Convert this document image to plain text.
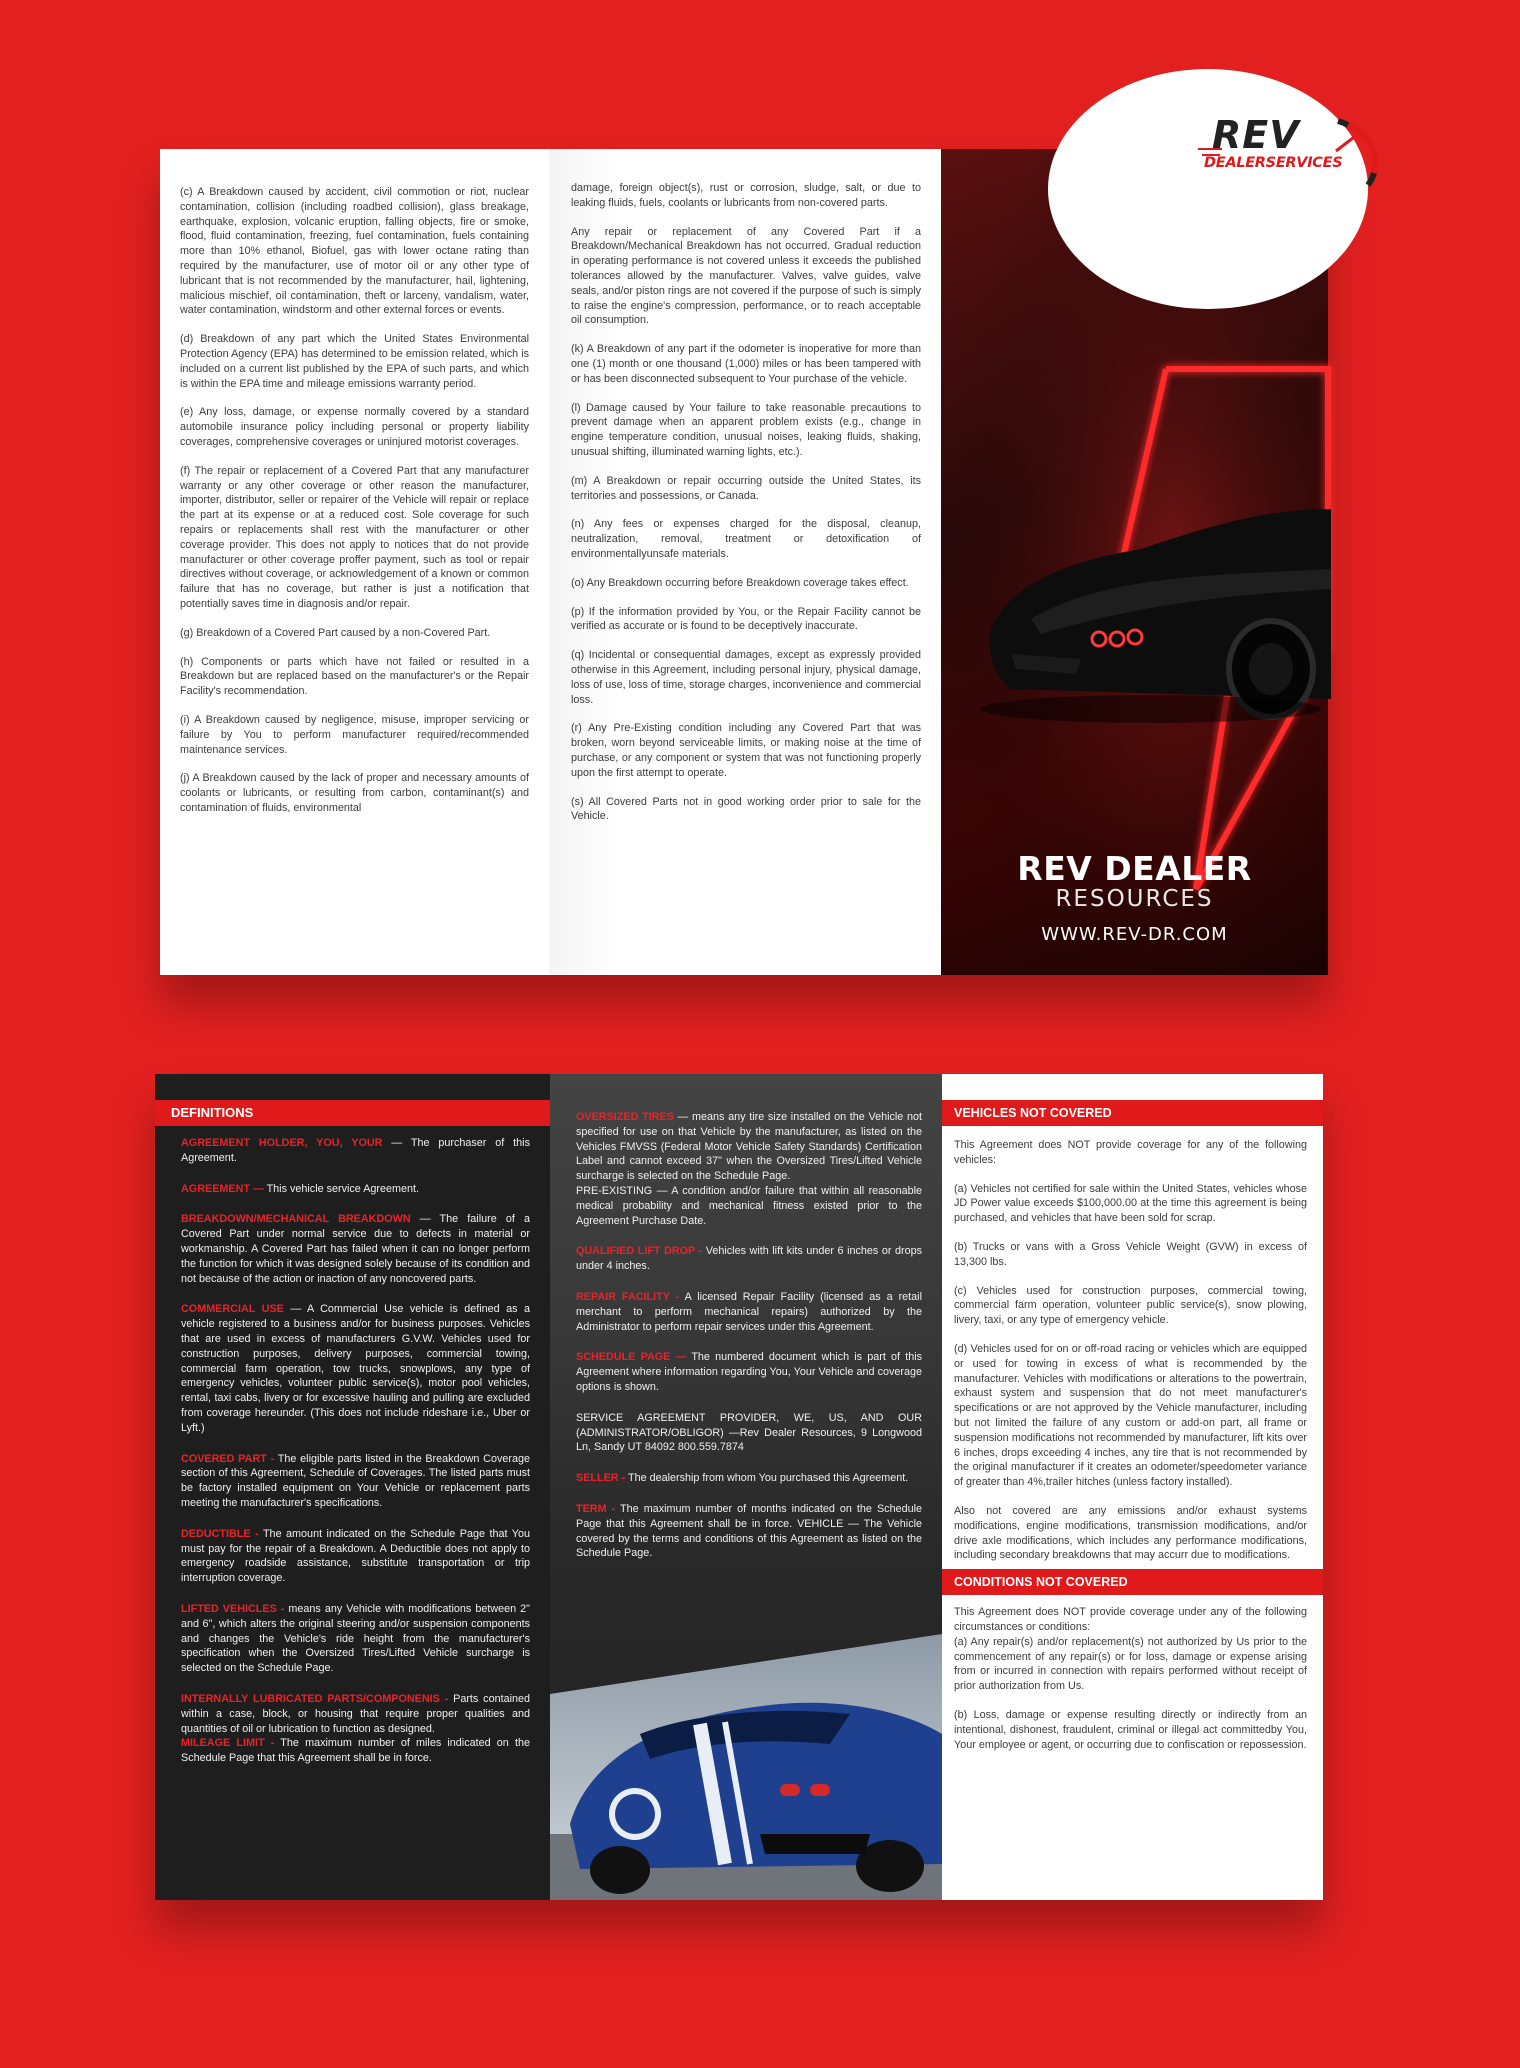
(c) A Breakdown caused by accident, civil commotion or riot, nuclear contamination, collision (including roadbed collision), glass breakage, earthquake, explosion, volcanic eruption, falling objects, fire or smoke, flood, fluid contamination, freezing, fuel contamination, fuels containing more than 10% ethanol, Biofuel, gas with lower octane rating than required by the manufacturer, use of motor oil or any other type of lubricant that is not recommended by the manufacturer, hail, lightening, malicious mischief, oil contamination, theft or larceny, vandalism, water, water contamination, windstorm and other external forces or events.

(d) Breakdown of any part which the United States Environmental Protection Agency (EPA) has determined to be emission related, which is included on a current list published by the EPA of such parts, and which is within the EPA time and mileage emissions warranty period.

(e) Any loss, damage, or expense normally covered by a standard automobile insurance policy including personal or property liability coverages, comprehensive coverages or uninjured motorist coverages.

(f) The repair or replacement of a Covered Part that any manufacturer warranty or any other coverage or other reason the manufacturer, importer, distributor, seller or repairer of the Vehicle will repair or replace the part at its expense or at a reduced cost. Sole coverage for such repairs or replacements shall rest with the manufacturer or other coverage provider. This does not apply to notices that do not provide manufacturer or other coverage proffer payment, such as tool or repair directives without coverage, or acknowledgement of a known or common failure that has no coverage, but rather is just a notification that potentially saves time in diagnosis and/or repair.

(g) Breakdown of a Covered Part caused by a non-Covered Part.

(h) Components or parts which have not failed or resulted in a Breakdown but are replaced based on the manufacturer's or the Repair Facility's recommendation.

(i) A Breakdown caused by negligence, misuse, improper servicing or failure by You to perform manufacturer required/recommended maintenance services.

(j) A Breakdown caused by the lack of proper and necessary amounts of coolants or lubricants, or resulting from carbon, contaminant(s) and contamination of fluids, environmental

damage, foreign object(s), rust or corrosion, sludge, salt, or due to leaking fluids, fuels, coolants or lubricants from non-covered parts.

Any repair or replacement of any Covered Part if a Breakdown/Mechanical Breakdown has not occurred. Gradual reduction in operating performance is not covered unless it exceeds the published tolerances allowed by the manufacturer. Valves, valve guides, valve seals, and/or piston rings are not covered if the purpose of such is simply to raise the engine's compression, performance, or to reach acceptable oil consumption.

(k) A Breakdown of any part if the odometer is inoperative for more than one (1) month or one thousand (1,000) miles or has been tampered with or has been disconnected subsequent to Your purchase of the vehicle.

(l) Damage caused by Your failure to take reasonable precautions to prevent damage when an apparent problem exists (e.g., change in engine temperature condition, unusual noises, leaking fluids, shaking, unusual shifting, illuminated warning lights, etc.).

(m) A Breakdown or repair occurring outside the United States, its territories and possessions, or Canada.

(n) Any fees or expenses charged for the disposal, cleanup, neutralization, removal, treatment or detoxification of environmentallyunsafe materials.

(o) Any Breakdown occurring before Breakdown coverage takes effect.

(p) If the information provided by You, or the Repair Facility cannot be verified as accurate or is found to be deceptively inaccurate.

(q) Incidental or consequential damages, except as expressly provided otherwise in this Agreement, including personal injury, physical damage, loss of use, loss of time, storage charges, inconvenience and commercial loss.

(r) Any Pre-Existing condition including any Covered Part that was broken, worn beyond serviceable limits, or making noise at the time of purchase, or any component or system that was not functioning properly upon the first attempt to operate.

(s) All Covered Parts not in good working order prior to sale for the Vehicle.

REV
DEALERSERVICES
REV DEALER
RESOURCES
WWW.REV-DR.COM
DEFINITIONS

AGREEMENT HOLDER, YOU, YOUR — The purchaser of this Agreement.

AGREEMENT — This vehicle service Agreement.

BREAKDOWN/MECHANICAL BREAKDOWN — The failure of a Covered Part under normal service due to defects in material or workmanship. A Covered Part has failed when it can no longer perform the function for which it was designed solely because of its condition and not because of the action or inaction of any noncovered parts.

COMMERCIAL USE — A Commercial Use vehicle is defined as a vehicle registered to a business and/or for business purposes. Vehicles that are used in excess of manufacturers G.V.W. Vehicles used for construction purposes, delivery purposes, commercial towing, commercial farm operation, tow trucks, snowplows, any type of emergency vehicles, volunteer public service(s), motor pool vehicles, rental, taxi cabs, livery or for excessive hauling and pulling are excluded from coverage hereunder. (This does not include rideshare i.e., Uber or Lyft.)

COVERED PART - The eligible parts listed in the Breakdown Coverage section of this Agreement, Schedule of Coverages. The listed parts must be factory installed equipment on Your Vehicle or replacement parts meeting the manufacturer's specifications.

DEDUCTIBLE - The amount indicated on the Schedule Page that You must pay for the repair of a Breakdown. A Deductible does not apply to emergency roadside assistance, substitute transportation or trip interruption coverage.

LIFTED VEHICLES - means any Vehicle with modifications between 2" and 6", which alters the original steering and/or suspension components and changes the Vehicle's ride height from the manufacturer's specification when the Oversized Tires/Lifted Vehicle surcharge is selected on the Schedule Page.

INTERNALLY LUBRICATED PARTS/COMPONENIS - Parts contained within a case, block, or housing that require proper qualities and quantities of oil or lubrication to function as designed.

MILEAGE LIMIT - The maximum number of miles indicated on the Schedule Page that this Agreement shall be in force.

OVERSIZED TIRES — means any tire size installed on the Vehicle not specified for use on that Vehicle by the manufacturer, as listed on the Vehicles FMVSS (Federal Motor Vehicle Safety Standards) Certification Label and cannot exceed 37" when the Oversized Tires/Lifted Vehicle surcharge is selected on the Schedule Page.

PRE-EXISTING — A condition and/or failure that within all reasonable medical probability and mechanical fitness existed prior to the Agreement Purchase Date.

QUALIFIED LIFT DROP - Vehicles with lift kits under 6 inches or drops under 4 inches.

REPAIR FACILITY - A licensed Repair Facility (licensed as a retail merchant to perform mechanical repairs) authorized by the Administrator to perform repair services under this Agreement.

SCHEDULE PAGE — The numbered document which is part of this Agreement where information regarding You, Your Vehicle and coverage options is shown.

SERVICE AGREEMENT PROVIDER, WE, US, AND OUR (ADMINISTRATOR/OBLIGOR) —Rev Dealer Resources, 9 Longwood Ln, Sandy UT 84092 800.559.7874

SELLER - The dealership from whom You purchased this Agreement.

TERM - The maximum number of months indicated on the Schedule Page that this Agreement shall be in force. VEHICLE — The Vehicle covered by the terms and conditions of this Agreement as listed on the Schedule Page.

VEHICLES NOT COVERED

This Agreement does NOT provide coverage for any of the following vehicles:

(a) Vehicles not certified for sale within the United States, vehicles whose JD Power value exceeds $100,000.00 at the time this agreement is being purchased, and vehicles that have been sold for scrap.

(b) Trucks or vans with a Gross Vehicle Weight (GVW) in excess of 13,300 lbs.

(c) Vehicles used for construction purposes, commercial towing, commercial farm operation, volunteer public service(s), snow plowing, livery, taxi, or any type of emergency vehicle.

(d) Vehicles used for on or off-road racing or vehicles which are equipped or used for towing in excess of what is recommended by the manufacturer. Vehicles with modifications or alterations to the powertrain, exhaust system and suspension that do not meet manufacturer's specifications or are not approved by the Vehicle manufacturer, including but not limited the failure of any custom or add-on part, all frame or suspension modifications not recommended by manufacturer, lift kits over 6 inches, drops exceeding 4 inches, any tire that is not recommended by the original manufacturer if it creates an odometer/speedometer variance of greater than 4%,trailer hitches (unless factory installed).

Also not covered are any emissions and/or exhaust systems modifications, engine modifications, transmission modifications, and/or drive axle modifications, which includes any performance modifications, including secondary breakdowns that may accurr due to modifications.

CONDITIONS NOT COVERED

This Agreement does NOT provide coverage under any of the following circumstances or conditions:
(a) Any repair(s) and/or replacement(s) not authorized by Us prior to the commencement of any repair(s) or for loss, damage or expense arising from or incurred in connection with repairs performed without receipt of prior authorization from Us.

(b) Loss, damage or expense resulting directly or indirectly from an intentional, dishonest, fraudulent, criminal or illegal act committedby You, Your employee or agent, or occurring due to confiscation or repossession.
